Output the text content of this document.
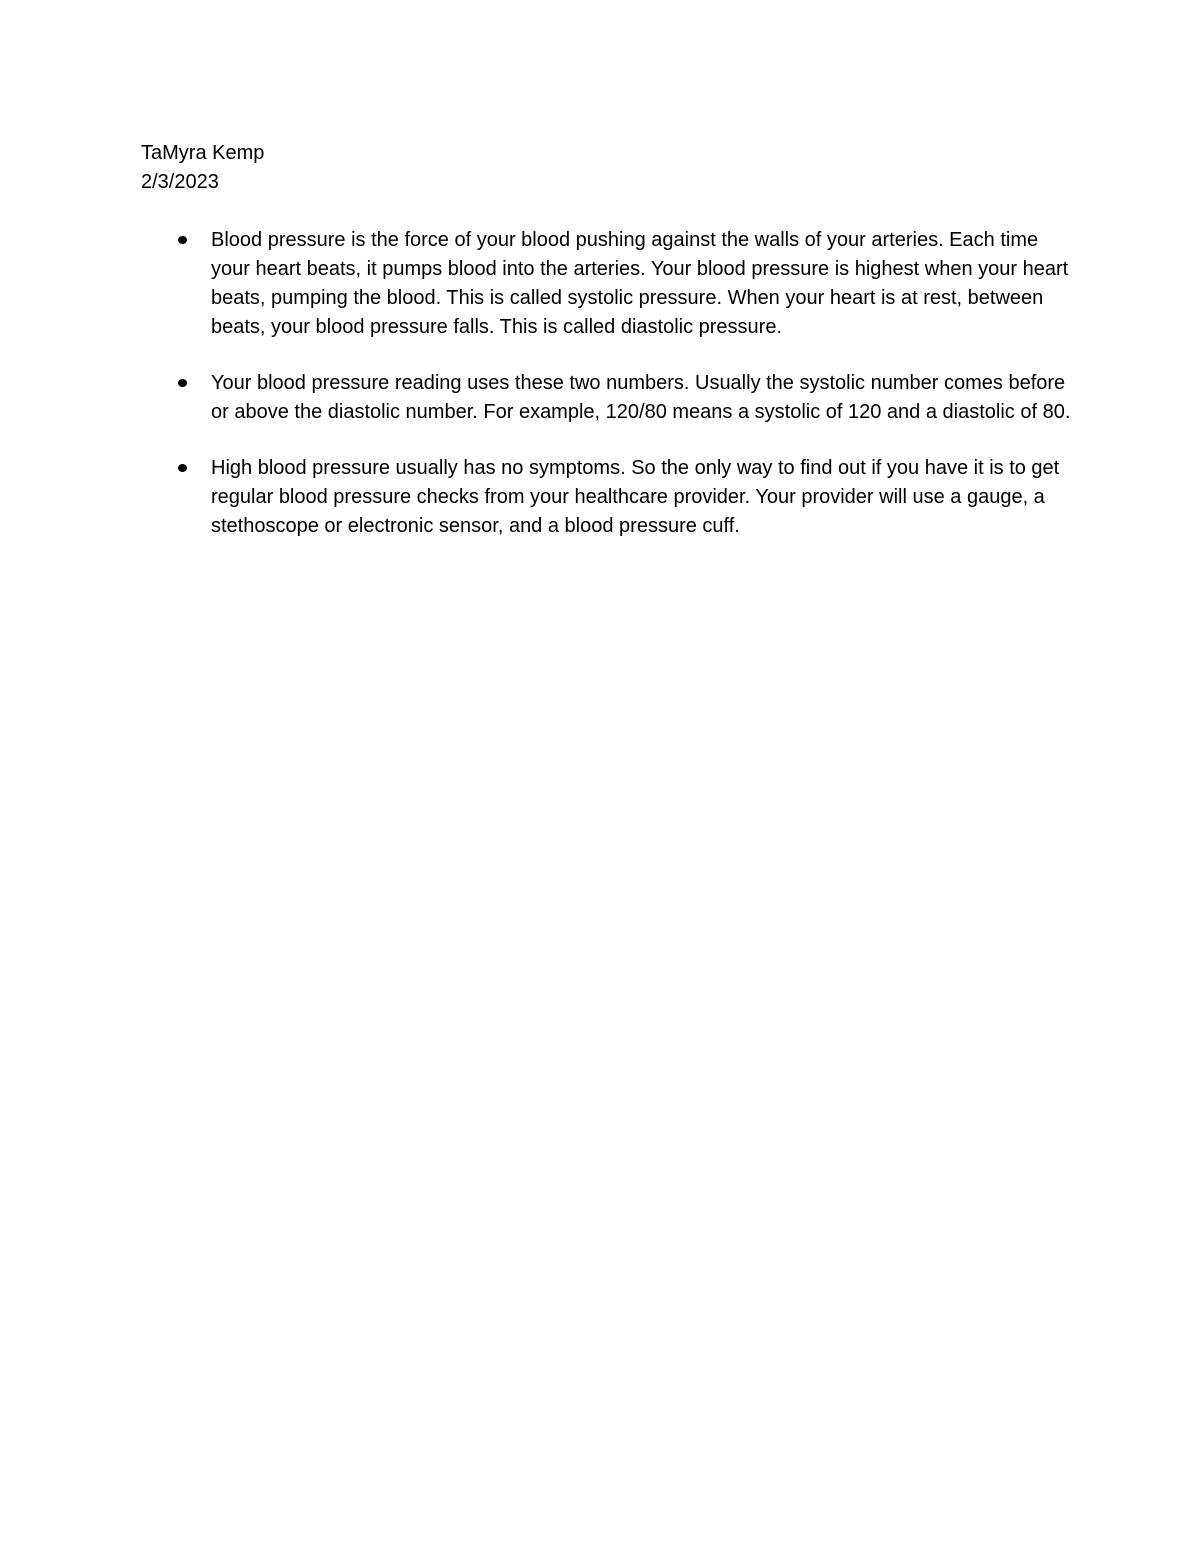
TaMyra Kemp

2/3/2023

Blood pressure is the force of your blood pushing against the walls of your arteries. Each time your heart beats, it pumps blood into the arteries. Your blood pressure is highest when your heart beats, pumping the blood. This is called systolic pressure. When your heart is at rest, between beats, your blood pressure falls. This is called diastolic pressure.
Your blood pressure reading uses these two numbers. Usually the systolic number comes before or above the diastolic number. For example, 120/80 means a systolic of 120 and a diastolic of 80.
High blood pressure usually has no symptoms. So the only way to find out if you have it is to get regular blood pressure checks from your healthcare provider. Your provider will use a gauge, a stethoscope or electronic sensor, and a blood pressure cuff.
